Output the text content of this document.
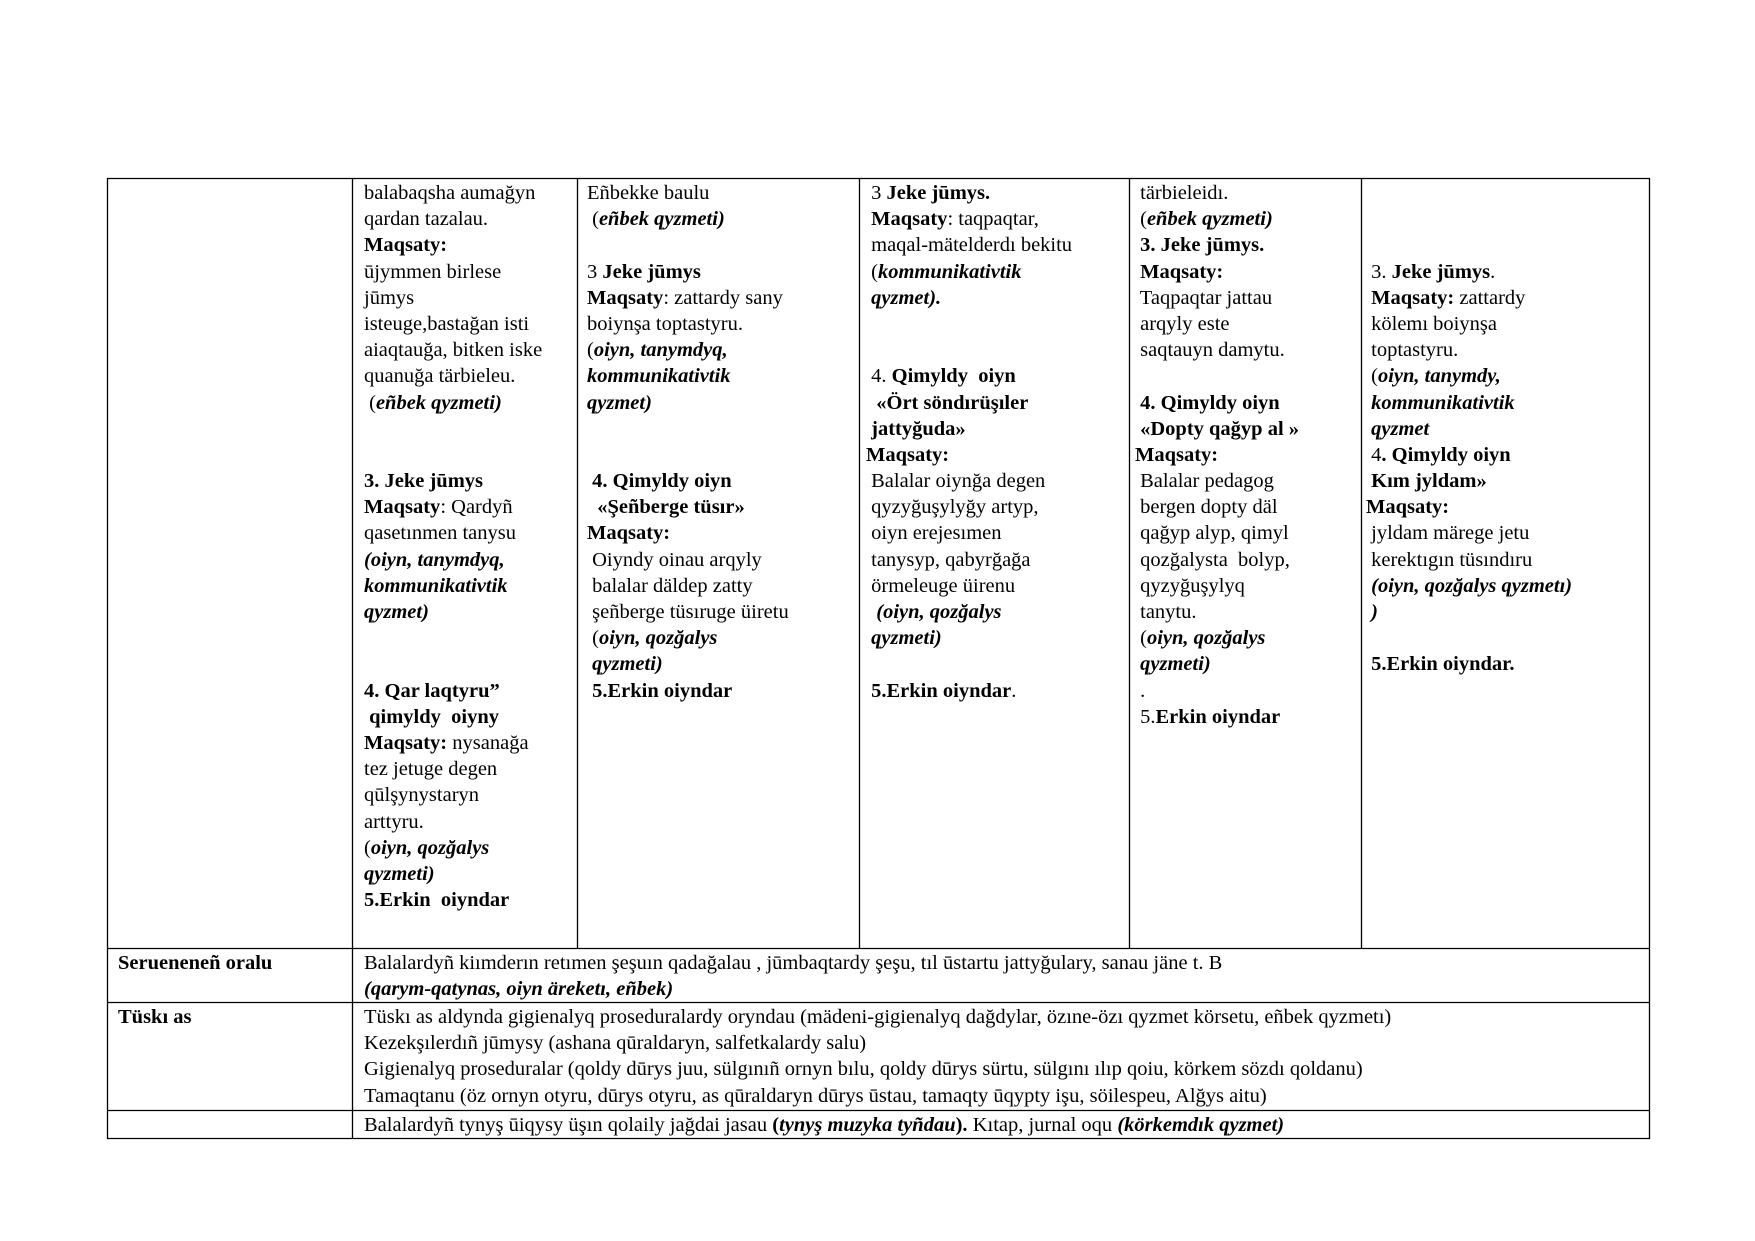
balabaqsha aumağyn
qardan tazalau.
Maqsaty:
ūjymmen birlese
jūmys
isteuge,bastağan isti
aiaqtauğa, bitken iske
quanuğa tärbieleu.
(eñbek qyzmeti)
3. Jeke jūmys
Maqsaty: Qardyñ
qasetınmen tanysu
(oiyn, tanymdyq,
kommunikativtik
qyzmet)
4. Qar laqtyru”
qimyldy  oiyny
Maqsaty: nysanağa
tez jetuge degen
qūlşynystaryn
arttyru.
(oiyn, qozğalys
qyzmeti)
5.Erkin  oiyndar
Eñbekke baulu
(eñbek qyzmeti)
3 Jeke jūmys
Maqsaty: zattardy sany
boiynşa toptastyru.
(oiyn, tanymdyq,
kommunikativtik
qyzmet)
4. Qimyldy oiyn
«Şeñberge tüsır»
Maqsaty:
Oiyndy oinau arqyly
balalar däldep zatty
şeñberge tüsıruge üiretu
(oiyn, qozğalys
qyzmeti)
5.Erkin oiyndar
3 Jeke jūmys.
Maqsaty: taqpaqtar,
maqal-mätelderdı bekitu
(kommunikativtik
qyzmet).
4. Qimyldy  oiyn
«Ört söndırüşıler
jattyğuda»
Maqsaty:
Balalar oiynğa degen
qyzyğuşylyğy artyp,
oiyn erejesımen
tanysyp, qabyrğağa
örmeleuge üirenu
(oiyn, qozğalys
qyzmeti)
5.Erkin oiyndar.
tärbieleidı.
(eñbek qyzmeti)
3. Jeke jūmys.
Maqsaty:
Taqpaqtar jattau
arqyly este
saqtauyn damytu.
4. Qimyldy oiyn
«Dopty qağyp al »
Maqsaty:
Balalar pedagog
bergen dopty däl
qağyp alyp, qimyl
qozğalysta  bolyp,
qyzyğuşylyq
tanytu.
(oiyn, qozğalys
qyzmeti)
.
5.Erkin oiyndar
3. Jeke jūmys.
Maqsaty: zattardy
kölemı boiynşa
toptastyru.
(oiyn, tanymdy,
kommunikativtik
qyzmet
4. Qimyldy oiyn
Kım jyldam»
Maqsaty:
jyldam märege jetu
kerektıgın tüsındıru
(oiyn, qozğalys qyzmetı)
)
5.Erkin oiyndar.
Serueneneñ oralu	Balalardyñ kiımderın retımen şeşuın qadağalau , jūmbaqtardy şeşu, tıl ūstartu jattyğulary, sanau jäne t. B
(qarym-qatynas, oiyn äreketı, eñbek)
Tüskı as	Tüskı as aldynda gigienalyq proseduralardy oryndau (mädeni-gigienalyq dağdylar, özıne-özı qyzmet körsetu, eñbek qyzmetı)
Kezekşılerdıñ jūmysy (ashana qūraldaryn, salfetkalardy salu)
Gigienalyq proseduralar (qoldy dūrys juu, sülgınıñ ornyn bılu, qoldy dūrys sürtu, sülgını ılıp qoiu, körkem sözdı qoldanu)
Tamaqtanu (öz ornyn otyru, dūrys otyru, as qūraldaryn dūrys ūstau, tamaqty ūqypty işu, söilespeu, Alğys aitu)
Balalardyñ tynyş ūiqysy üşın qolaily jağdai jasau (tynyş muzyka tyñdau). Kıtap, jurnal oqu (körkemdık qyzmet)
